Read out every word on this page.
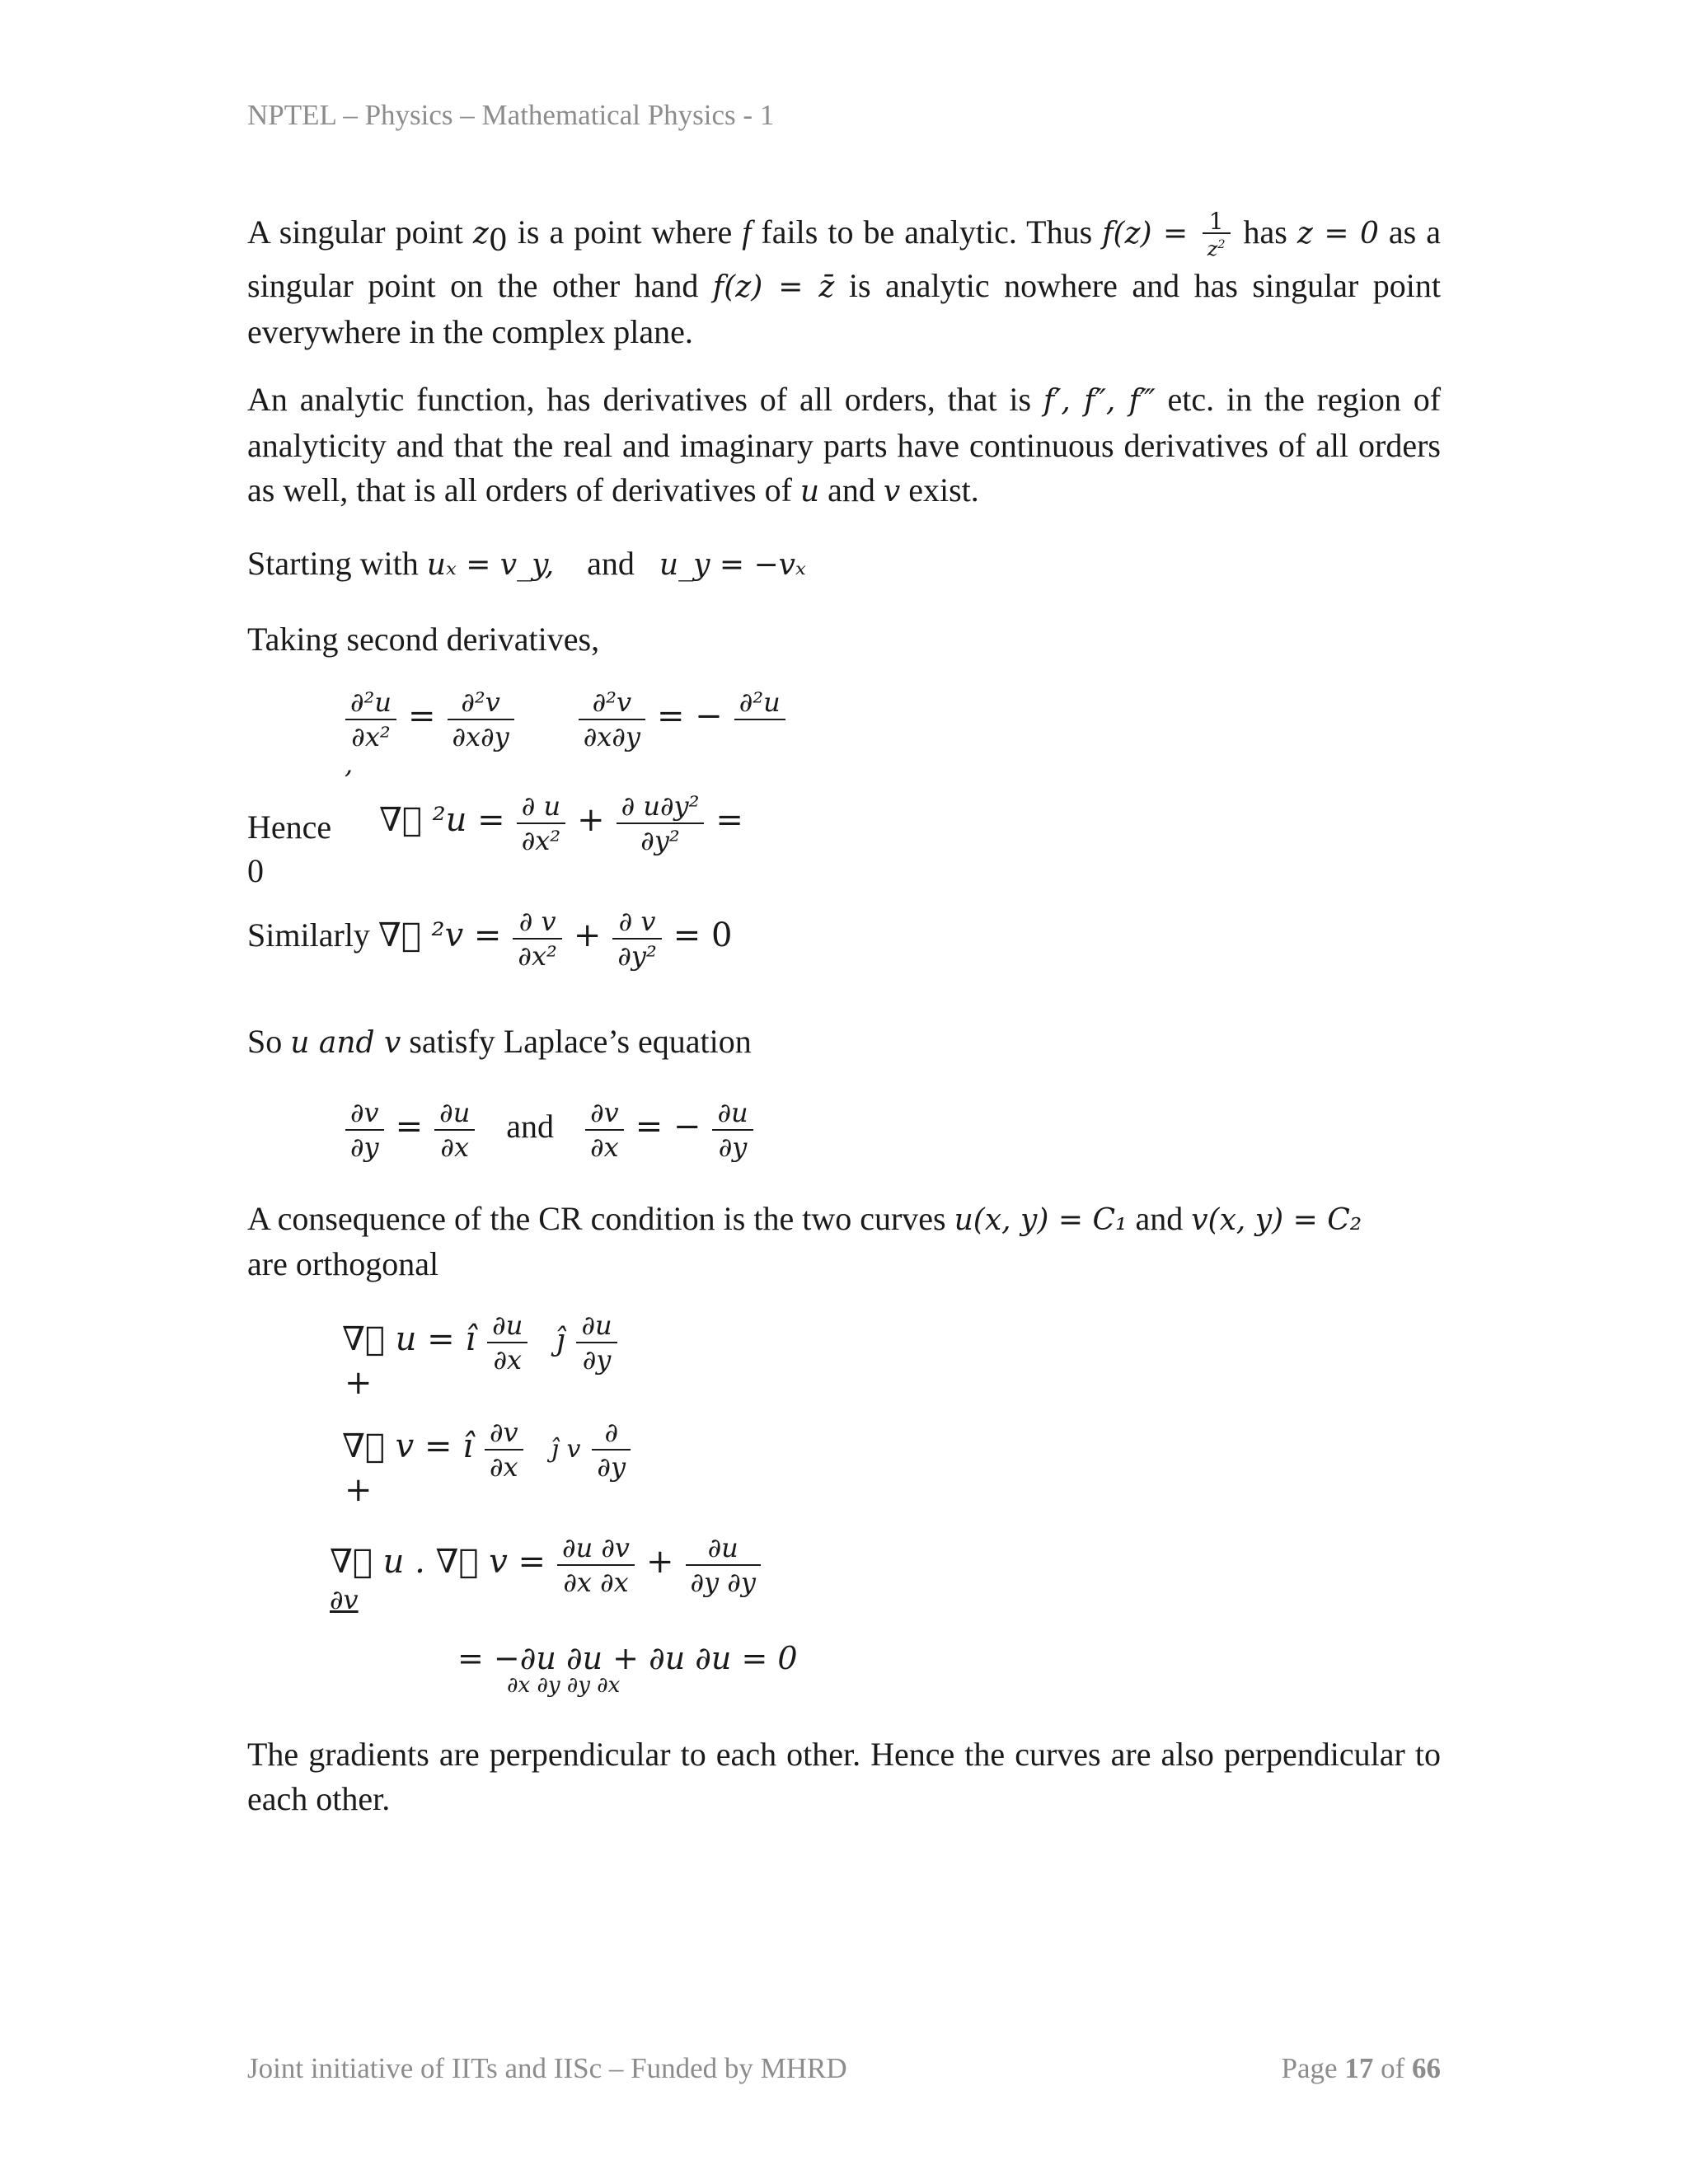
NPTEL – Physics – Mathematical Physics - 1
A singular point $z_0$ is a point where f fails to be analytic. Thus $f(z) = \frac{1}{z^2}$ has z = 0 as a singular point on the other hand f(z) = z̄ is analytic nowhere and has singular point everywhere in the complex plane.
An analytic function, has derivatives of all orders, that is f′, f″, f‴ etc. in the region of analyticity and that the real and imaginary parts have continuous derivatives of all orders as well, that is all orders of derivatives of u and v exist.
Starting with uₓ = v_y, and u_y = −vₓ
Taking second derivatives,
$\frac{\text{∂²u}}{\text{∂x²}} = \frac{\text{∂²v}}{\partial x\partial y}$
$\frac{\text{∂²v}}{\partial x\partial y}$ = − ∂²u
,
Hence
0
∇⃗ $^2u = \frac{\partial u}{\text{∂x²}} + \frac{\text{∂ u∂y²}}{\text{∂y²}}$ =
Similarly ∇⃗ $^2v = \frac{\partial v}{\text{∂x²}} + \frac{\partial v}{\text{∂y²}} = 0$
So u and v satisfy Laplace’s equation
$\frac{\partial v}{\partial y} = \frac{\partial u}{\partial x}$ and $\frac{\partial v}{\partial x}$ = − $\frac{\partial u}{\partial y}$
A consequence of the CR condition is the two curves u(x, y) = C₁ and v(x, y) = C₂
are orthogonal
∇⃗ u = î $\frac{\partial u}{\partial x}$ ĵ $\frac{\partial u}{\partial y}$
+
∇⃗ v = î $\frac{\partial v}{\partial x}$ ĵ v $\frac{\partial}{\partial y}$
+
∇⃗ u . ∇⃗ $v = \frac{\partial u \partial v}{\partial x \partial x} + \frac{\partial u}{\partial y \partial y}$
∂v
= −∂u ∂u + ∂u ∂u = 0
∂x ∂y ∂y ∂x
The gradients are perpendicular to each other. Hence the curves are also perpendicular to each other.
Joint initiative of IITs and IISc – Funded by MHRD	Page 17 of 66
